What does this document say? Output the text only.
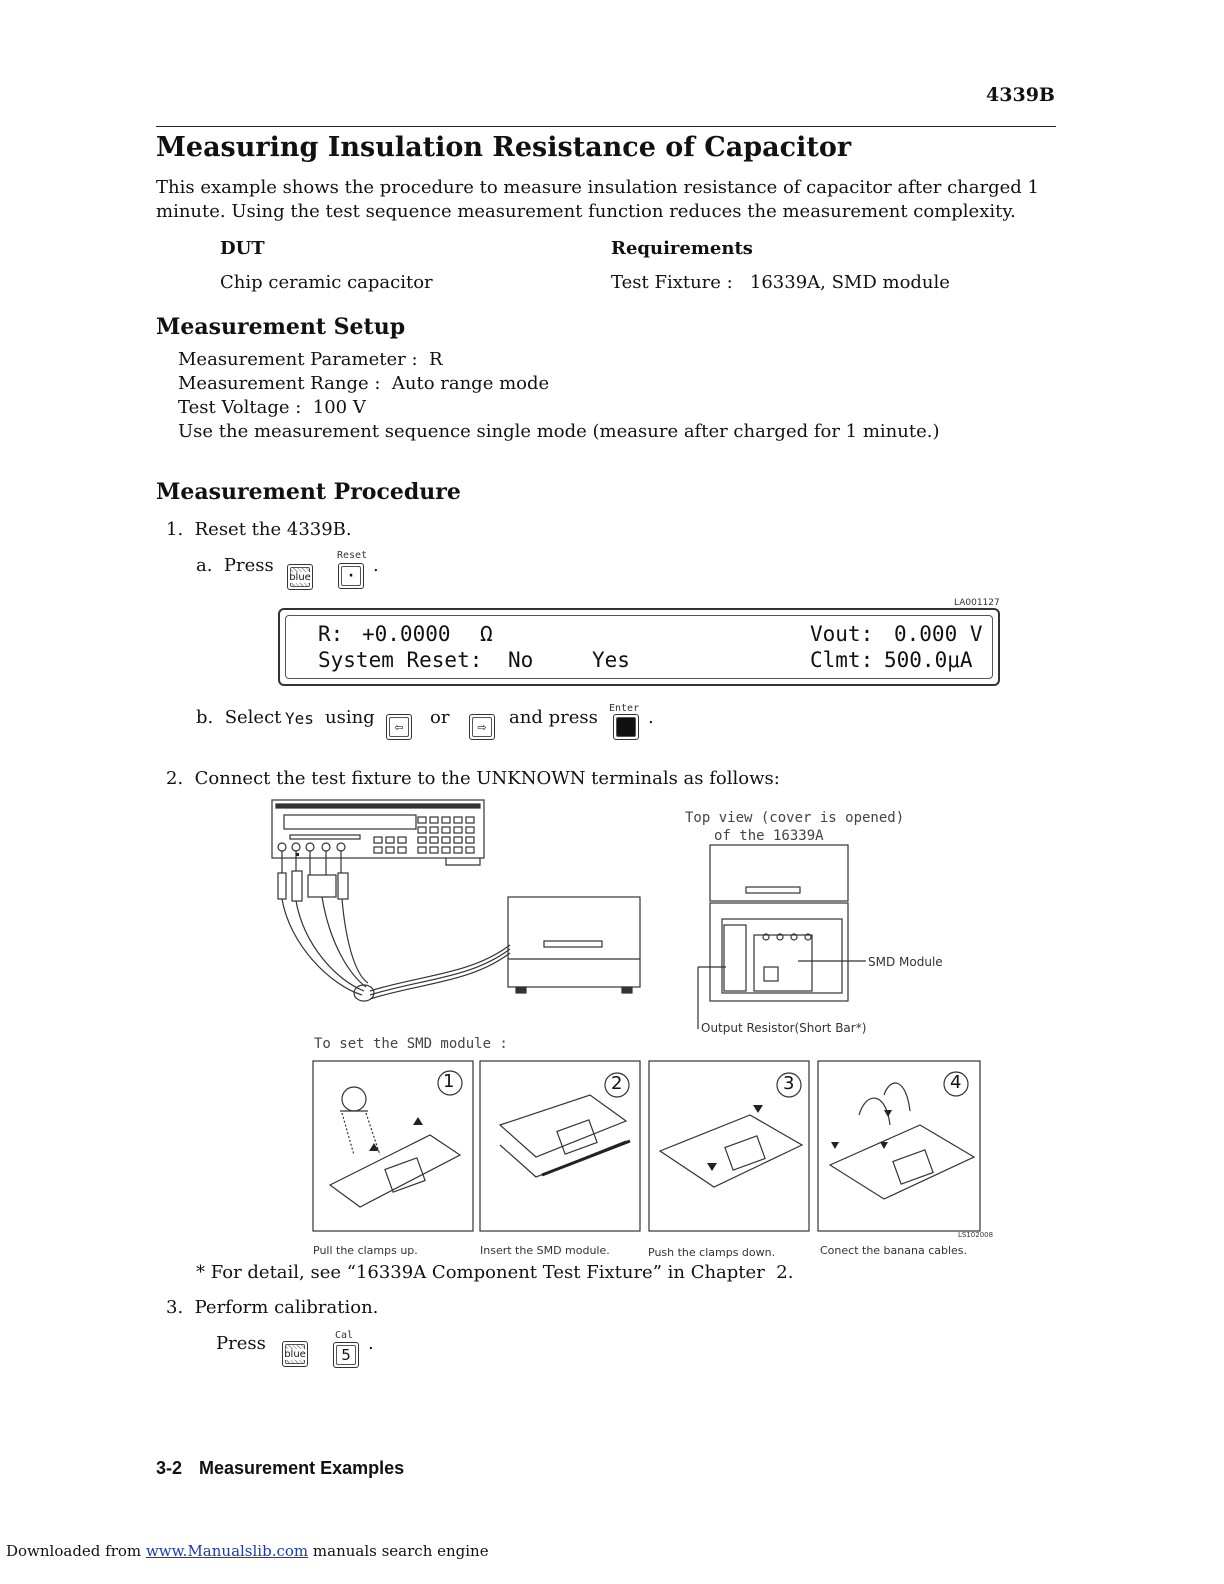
4339B
Measuring Insulation Resistance of Capacitor
This example shows the procedure to measure insulation resistance of capacitor after charged 1 minute. Using the test sequence measurement function reduces the measurement complexity.
DUT	Requirements
Chip ceramic capacitor	Test Fixture :   16339A, SMD module
Measurement Setup
Measurement Parameter :  R
Measurement Range :  Auto range mode
Test Voltage :  100 V
Use the measurement sequence single mode (measure after charged for 1 minute.)
Measurement Procedure
1.  Reset the 4339B.
a.  Press
blue
Reset
· .
LA001127
R: +0.0000 Ω	Vout: 0.000 V
System Reset: No	Yes	Clmt: 500.0μA
b.  Select Yes using ⇦ or	⇨ and press Enter .
2.  Connect the test fixture to the UNKNOWN terminals as follows:
Top view (cover is opened)
of the 16339A
SMD Module
Output Resistor(Short Bar*)
To set the SMD module :
1	2	3	4
LS102008
Pull the clamps up.	Insert the SMD module.	Push the clamps down.	Conect the banana cables.
* For detail, see “16339A Component Test Fixture” in Chapter  2.
3.  Perform calibration.
Press blue
Cal
5
.
3-2 Measurement Examples
Downloaded from www.Manualslib.com manuals search engine
